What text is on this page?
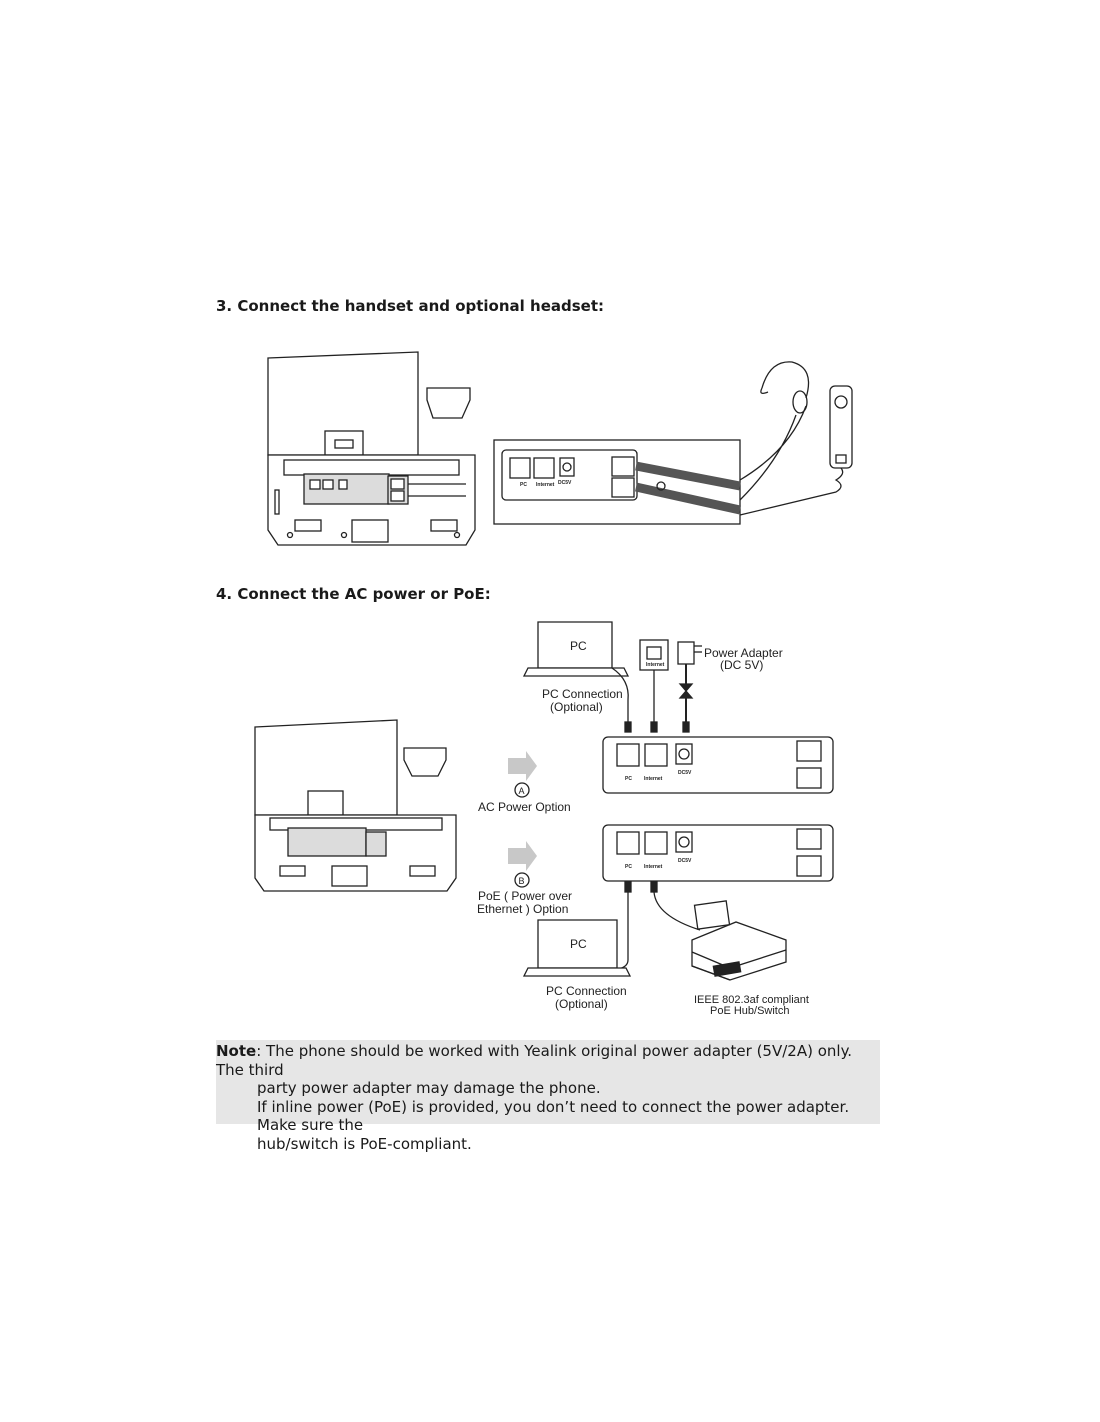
3. Connect the handset and optional headset:
PC Internet DC5V
4. Connect the AC power or PoE:
PC
PC Connection
(Optional)
Power Adapter
(DC 5V)
A
AC Power Option
B
PoE ( Power over
Ethernet ) Option
PC
PC Connection
(Optional)	IEEE 802.3af compliant
PoE Hub/Switch
Internet
PC Internet
DC5V
PC Internet
DC5V

Note: The phone should be worked with Yealink original power adapter (5V/2A) only. The third

party power adapter may damage the phone.

If inline power (PoE) is provided, you don’t need to connect the power adapter. Make sure the

hub/switch is PoE-compliant.
